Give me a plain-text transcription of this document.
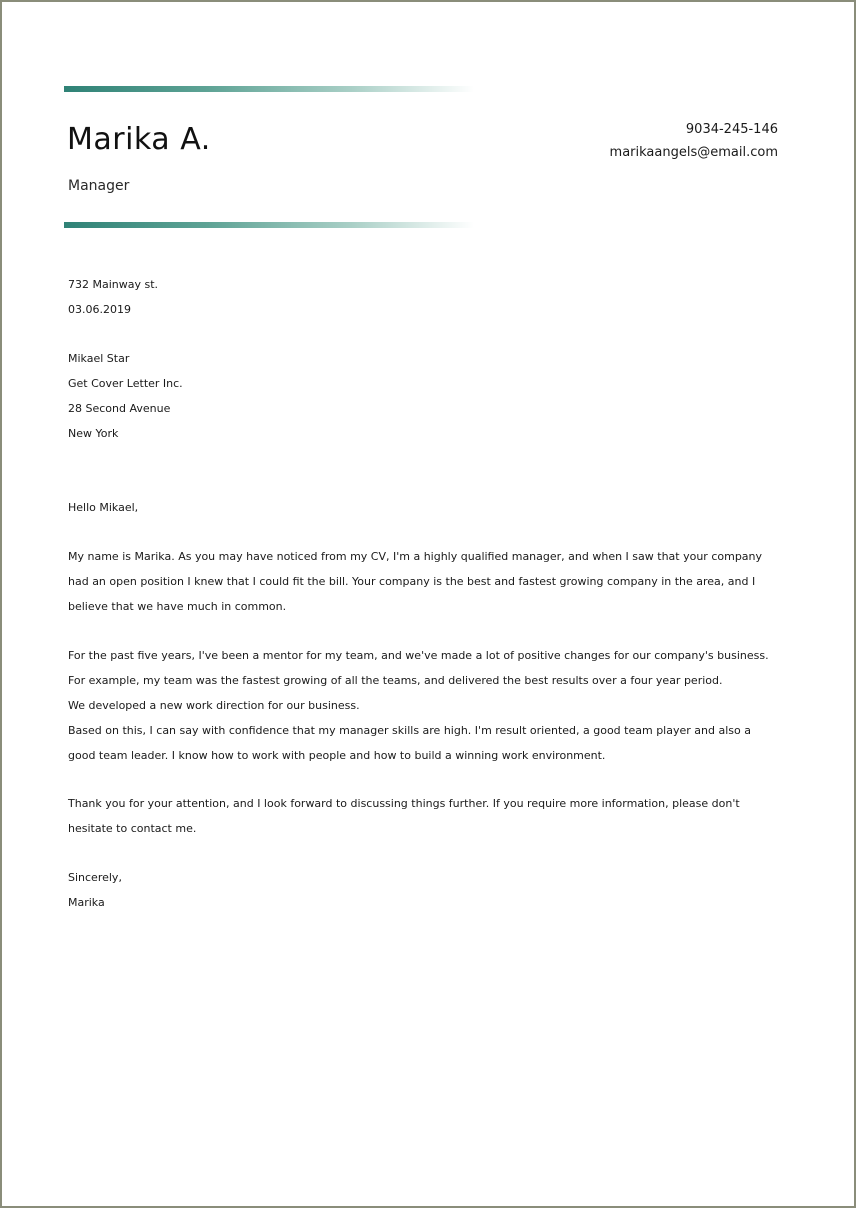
Marika A.
Manager
9034-245-146
marikaangels@email.com
732 Mainway st.
03.06.2019
Mikael Star
Get Cover Letter Inc.
28 Second Avenue
New York
Hello Mikael,
My name is Marika. As you may have noticed from my CV, I'm a highly qualified manager, and when I saw that your company
had an open position I knew that I could fit the bill. Your company is the best and fastest growing company in the area, and I
believe that we have much in common.
For the past five years, I've been a mentor for my team, and we've made a lot of positive changes for our company's business.
For example, my team was the fastest growing of all the teams, and delivered the best results over a four year period.
We developed a new work direction for our business.
Based on this, I can say with confidence that my manager skills are high. I'm result oriented, a good team player and also a
good team leader. I know how to work with people and how to build a winning work environment.
Thank you for your attention, and I look forward to discussing things further. If you require more information, please don't
hesitate to contact me.
Sincerely,
Marika
